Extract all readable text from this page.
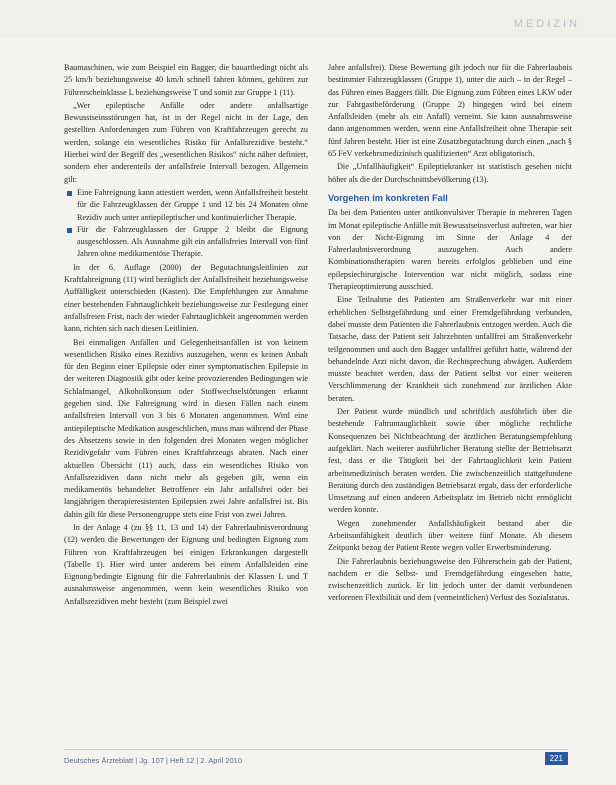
MEDIZIN

Baumaschinen, wie zum Beispiel ein Bagger, die bauartbedingt nicht als 25 km/h beziehungsweise 40 km/h schnell fahren können, gehören zur Führerscheinklasse L beziehungsweise T und somit zur Gruppe 1 (11).

„Wer epileptische Anfälle oder andere anfallsartige Bewusstseinsstörungen hat, ist in der Regel nicht in der Lage, den gestellten Anforderungen zum Führen von Kraftfahrzeugen gerecht zu werden, solange ein wesentliches Risiko für Anfallsrezidive besteht.“ Hierbei wird der Begriff des „wesentlichen Risikos“ nicht näher definiert, sondern eher anderenteils der anfallsfreie Intervall bezogen. Allgemein gilt:

Eine Fahreignung kann attestiert werden, wenn Anfallsfreiheit besteht für die Fahrzeugklassen der Gruppe 1 und 12 bis 24 Monaten ohne Rezidiv auch unter antiepileptischer und kontinuierlicher Therapie.
Für die Fahrzeugklassen der Gruppe 2 bleibt die Eignung ausgeschlossen. Als Ausnahme gilt ein anfallsfreies Intervall von fünf Jahren ohne medikamentöse Therapie.

In der 6. Auflage (2000) der Begutachtungsleitlinien zur Kraftfahreignung (11) wird bezüglich der Anfallsfreiheit beziehungsweise Auffälligkeit unterschieden (Kasten). Die Empfehlungen zur Annahme einer bestehenden Fahrtauglichkeit beziehungsweise zur Festlegung einer anfallsfreien Frist, nach der wieder Fahrtauglichkeit angenommen werden kann, richten sich nach diesen Leitlinien.

Bei einmaligen Anfällen und Gelegenheitsanfällen ist von keinem wesentlichen Risiko eines Rezidivs auszugehen, wenn es keinen Anhalt für den Beginn einer Epilepsie oder einer symptomatischen Epilepsie in der weiteren Diagnostik gibt oder keine provozierenden Bedingungen wie Schlafmangel, Alkoholkonsum oder Stoffwechselstörungen erkannt gegeben sind. Die Fahreignung wird in diesen Fällen nach einem anfallsfreien Intervall von 3 bis 6 Monaten angenommen. Wird eine antiepileptische Medikation ausgeschlichen, muss man während der Phase des Absetzens sowie in den folgenden drei Monaten wegen möglicher Rezidivgefahr vom Führen eines Kraftfahrzeugs abraten. Nach einer aktuellen Übersicht (11) auch, dass ein wesentliches Risiko von Anfallsrezidiven dann nicht mehr als gegeben gilt, wenn ein medikamentös behandelter Betroffener ein Jahr anfallsfrei oder bei langjährigen therapieresistenten Epilepsien zwei Jahre anfallsfrei ist. Bis dahin gilt für diese Personengruppe stets eine Frist von zwei Jahren.

In der Anlage 4 (zu §§ 11, 13 und 14) der Fahrerlaubnisverordnung (12) werden die Bewertungen der Eignung und bedingten Eignung zum Führen von Kraftfahrzeugen bei einigen Erkrankungen dargestellt (Tabelle 1). Hier wird unter anderem bei einem Anfallsleiden eine Eignung/bedingte Eignung für die Fahrerlaubnis der Klassen L und T ausnahmsweise angenommen, wenn kein wesentliches Risiko von Anfallsrezidiven mehr besteht (zum Beispiel zwei

Jahre anfallsfrei). Diese Bewertung gilt jedoch nur für die Fahrerlaubnis bestimmter Fahrzeugklassen (Gruppe 1), unter die auch – in der Regel – das Führen eines Baggers fällt. Die Eignung zum Führen eines LKW oder zur Fahrgastbeförderung (Gruppe 2) hingegen wird bei einem Anfallsleiden (mehr als ein Anfall) verneint. Sie kann ausnahmsweise dann angenommen werden, wenn eine Anfallsfreiheit ohne Therapie seit fünf Jahren besteht. Hier ist eine Zusatzbegutachtung durch einen „nach § 65 FeV verkehrsmedizinisch qualifizierten“ Arzt obligatorisch.

Die „Unfallhäufigkeit“ Epileptiekranker ist statistisch gesehen nicht höher als die der Durchschnittsbevölkerung (13).

Vorgehen im konkreten Fall

Da bei dem Patienten unter antikonvulsiver Therapie in mehreren Tagen im Monat epileptische Anfälle mit Bewusstseinsverlust auftreten, war hier von der Nicht-Eignung im Sinne der Anlage 4 der Fahrerlaubnisverordnung auszugehen. Auch andere Kombinationstherapien waren bereits erfolglos geblieben und eine epilepsiechirurgische Intervention war nicht möglich, sodass eine Therapieoptimierung ausschied.

Eine Teilnahme des Patienten am Straßenverkehr war mit einer erheblichen Selbstgefährdung und einer Fremdgefährdung verbunden, dabei musste dem Patienten die Fahrerlaubnis entzogen werden. Auch die Tatsache, dass der Patient seit Jahrzehnten unfallfrei am Straßenverkehr teilgenommen und auch den Bagger unfallfrei geführt hatte, während der behandelnde Arzt nicht davon, die Rechtsprechung abwägen. Außerdem musste beachtet werden, dass der Patient selbst vor einer weiteren Verschlimmerung der Krankheit sich zunehmend zur ärztlichen Akte beraten.

Der Patient wurde mündlich und schriftlich ausführlich über die bestehende Fahruntauglichkeit sowie über mögliche rechtliche Konsequenzen bei Nichtbeachtung der ärztlichen Beratungsempfehlung aufgeklärt. Nach weiterer ausführlicher Beratung stellte der Betriebsarzt fest, dass er die Tätigkeit bei der Fahrtauglichkeit kein Patient arbeitsmedizinisch beraten werden. Die zwischenzeitlich stattgefundene Beratung durch den zuständigen Betriebsarzt ergab, dass der erforderliche Umsetzung auf einen anderen Arbeitsplatz im Betrieb nicht ermöglicht werden konnte.

Wegen zunehmender Anfallshäufigkeit bestand aber die Arbeitsunfähigkeit deutlich über weitere fünf Monate. Ab diesem Zeitpunkt bezog der Patient Rente wegen voller Erwerbsminderung.

Die Fahrerlaubnis beziehungsweise den Führerschein gab der Patient, nachdem er die Selbst- und Fremdgefährdung eingesehen hatte, zwischenzeitlich zurück. Er litt jedoch unter der damit verbundenen verlorenen Flexibilität und dem (vermeintlichen) Verlust des Sozialstatus.

Deutsches Ärzteblatt | Jg. 107 | Heft 12 | 2. April 2010	221
